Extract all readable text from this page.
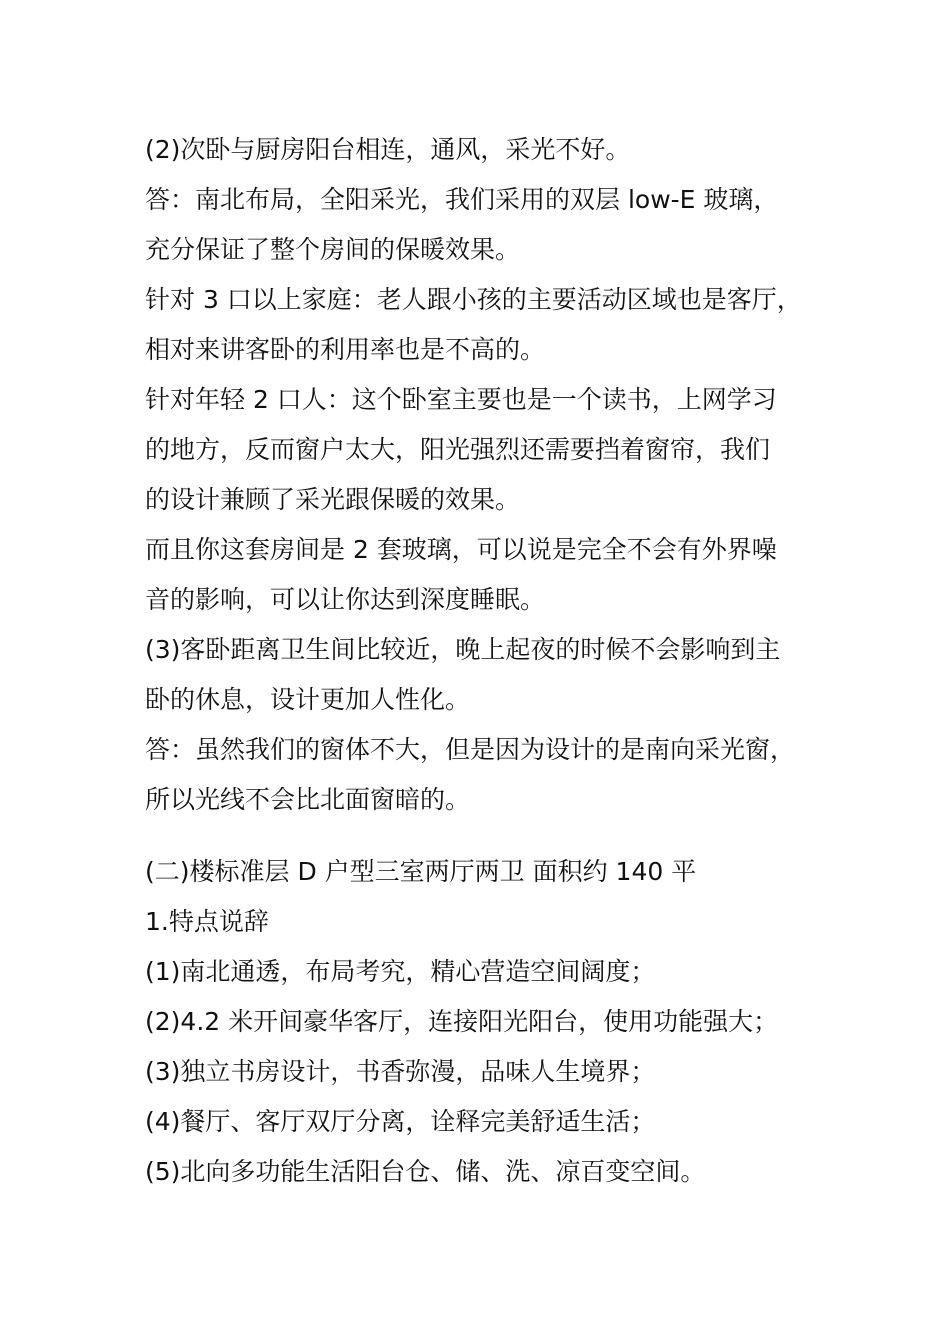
(2)次卧与厨房阳台相连，通风，采光不好。
答：南北布局，全阳采光，我们采用的双层 low-E 玻璃，
充分保证了整个房间的保暖效果。
针对 3 口以上家庭：老人跟小孩的主要活动区域也是客厅，
相对来讲客卧的利用率也是不高的。
针对年轻 2 口人：这个卧室主要也是一个读书，上网学习
的地方，反而窗户太大，阳光强烈还需要挡着窗帘，我们
的设计兼顾了采光跟保暖的效果。
而且你这套房间是 2 套玻璃，可以说是完全不会有外界噪
音的影响，可以让你达到深度睡眠。
(3)客卧距离卫生间比较近，晚上起夜的时候不会影响到主
卧的休息，设计更加人性化。
答：虽然我们的窗体不大，但是因为设计的是南向采光窗，
所以光线不会比北面窗暗的。
(二)楼标准层 D 户型三室两厅两卫 面积约 140 平
1.特点说辞
(1)南北通透，布局考究，精心营造空间阔度；
(2)4.2 米开间豪华客厅，连接阳光阳台，使用功能强大；
(3)独立书房设计，书香弥漫，品味人生境界；
(4)餐厅、客厅双厅分离，诠释完美舒适生活；
(5)北向多功能生活阳台仓、储、洗、凉百变空间。
